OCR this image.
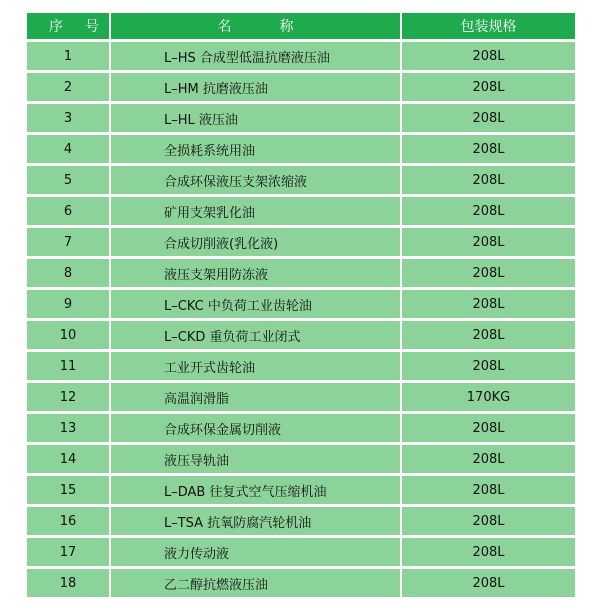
序号	名称	包装规格
1	L–HS 合成型低温抗磨液压油	208L
2	L–HM 抗磨液压油	208L
3	L–HL 液压油	208L
4	全损耗系统用油	208L
5	合成环保液压支架浓缩液	208L
6	矿用支架乳化油	208L
7	合成切削液(乳化液)	208L
8	液压支架用防冻液	208L
9	L–CKC 中负荷工业齿轮油	208L
10	L–CKD 重负荷工业闭式	208L
11	工业开式齿轮油	208L
12	高温润滑脂	170KG
13	合成环保金属切削液	208L
14	液压导轨油	208L
15	L–DAB 往复式空气压缩机油	208L
16	L–TSA 抗氧防腐汽轮机油	208L
17	液力传动液	208L
18	乙二醇抗燃液压油	208L
